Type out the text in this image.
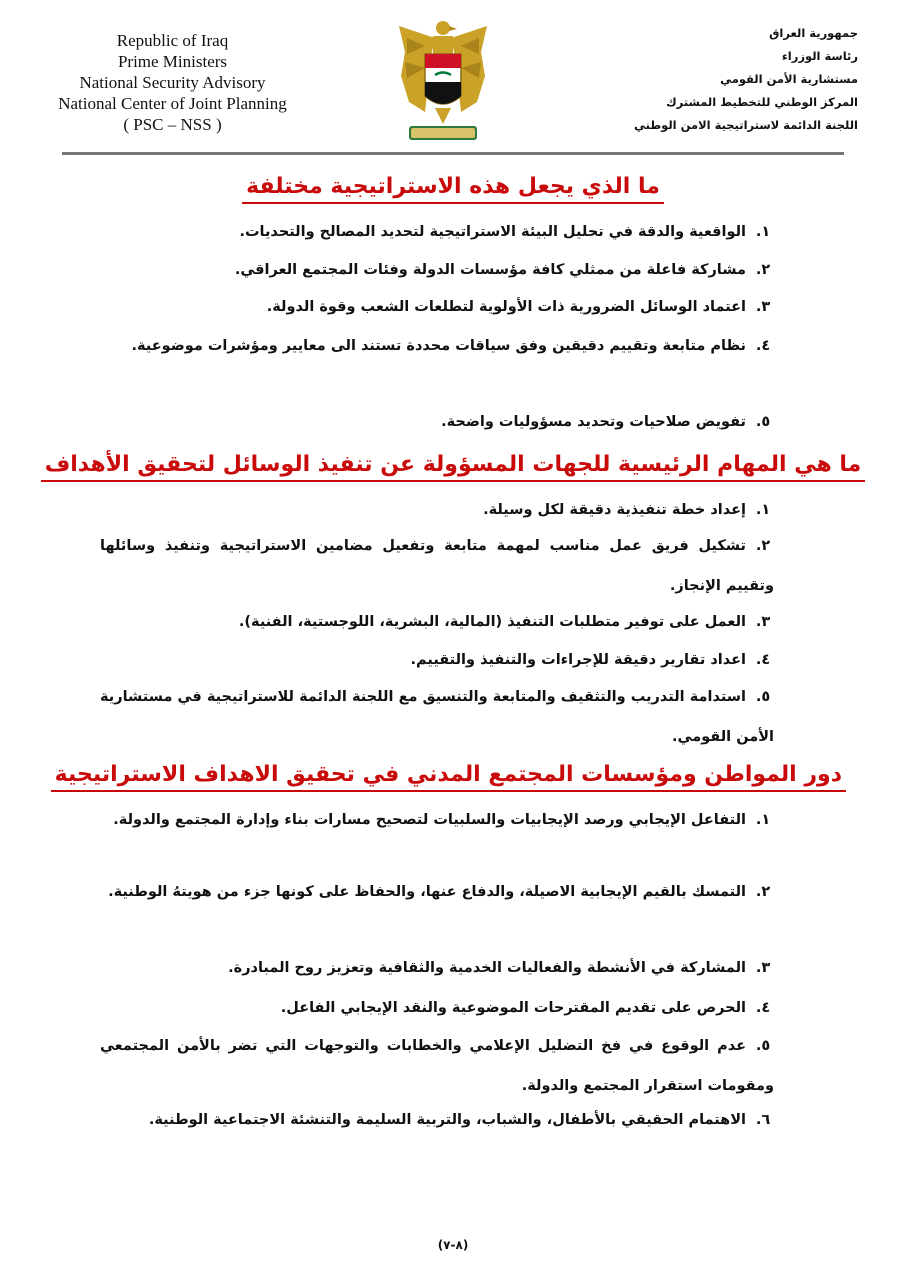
Republic of Iraq
Prime Ministers
National Security Advisory
National Center of Joint Planning
( PSC – NSS )
جمهورية العراق
رئاسة الوزراء
مستشارية الأمن القومي
المركز الوطني للتخطيط المشترك
اللجنة الدائمة لاستراتيجية الامن الوطني
ما الذي يجعل هذه الاستراتيجية مختلفة
١.الواقعية والدقة في تحليل البيئة الاستراتيجية لتحديد المصالح والتحديات.
٢.مشاركة فاعلة من ممثلي كافة مؤسسات الدولة وفئات المجتمع العراقي.
٣.اعتماد الوسائل الضرورية ذات الأولوية لتطلعات الشعب وقوة الدولة.
٤.نظام متابعة وتقييم دقيقين وفق سياقات محددة تستند الى معايير ومؤشرات موضوعية.
٥.تفويض صلاحيات وتحديد مسؤوليات واضحة.
ما هي المهام الرئيسية للجهات المسؤولة عن تنفيذ الوسائل لتحقيق الأهداف
١.إعداد خطة تنفيذية دقيقة لكل وسيلة.
٢.تشكيل فريق عمل مناسب لمهمة متابعة وتفعيل مضامين الاستراتيجية وتنفيذ وسائلها وتقييم الإنجاز.
٣.العمل على توفير متطلبات التنفيذ (المالية، البشرية، اللوجستية، الفنية).
٤.اعداد تقارير دقيقة للإجراءات والتنفيذ والتقييم.
٥.استدامة التدريب والتثقيف والمتابعة والتنسيق مع اللجنة الدائمة للاستراتيجية في مستشارية الأمن القومي.
دور المواطن ومؤسسات المجتمع المدني في تحقيق الاهداف الاستراتيجية
١.التفاعل الإيجابي ورصد الإيجابيات والسلبيات لتصحيح مسارات بناء وإدارة المجتمع والدولة.
٢.التمسك بالقيم الإيجابية الاصيلة، والدفاع عنها، والحفاظ على كونها جزء من هويتهُ الوطنية.
٣.المشاركة في الأنشطة والفعاليات الخدمية والثقافية وتعزيز روح المبادرة.
٤.الحرص على تقديم المقترحات الموضوعية والنقد الإيجابي الفاعل.
٥.عدم الوقوع في فخ التضليل الإعلامي والخطابات والتوجهات التي تضر بالأمن المجتمعي ومقومات استقرار المجتمع والدولة.
٦.الاهتمام الحقيقي بالأطفال، والشباب، والتربية السليمة والتنشئة الاجتماعية الوطنية.
(٨-٧)
